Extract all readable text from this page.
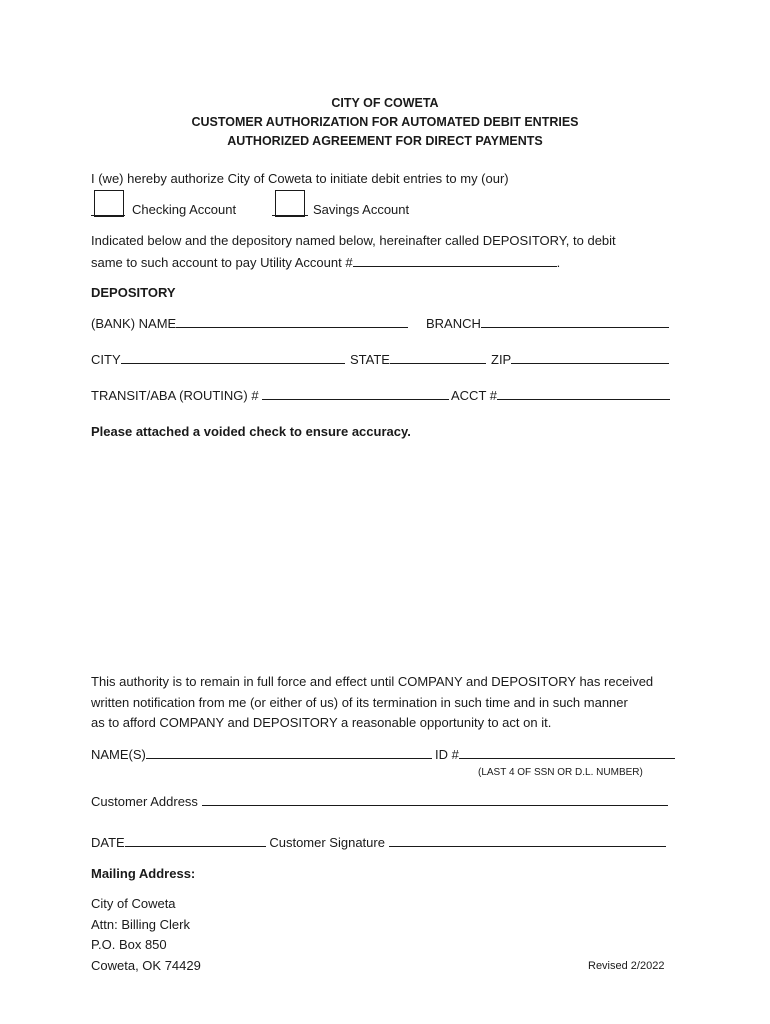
CITY OF COWETA
CUSTOMER AUTHORIZATION FOR AUTOMATED DEBIT ENTRIES
AUTHORIZED AGREEMENT FOR DIRECT PAYMENTS
I (we) hereby authorize City of Coweta to initiate debit entries to my (our)
Checking Account	Savings Account
Indicated below and the depository named below, hereinafter called DEPOSITORY, to debit
same to such account to pay Utility Account #	.
DEPOSITORY
(BANK) NAME	BRANCH
CITY	STATE	ZIP
TRANSIT/ABA (ROUTING) #	ACCT #
Please attached a voided check to ensure accuracy.
This authority is to remain in full force and effect until COMPANY and DEPOSITORY has received
written notification from me (or either of us) of its termination in such time and in such manner
as to afford COMPANY and DEPOSITORY a reasonable opportunity to act on it.
NAME(S)	ID #
(LAST 4 OF SSN OR D.L. NUMBER)
Customer Address
DATE	Customer Signature
Mailing Address:
City of Coweta
Attn: Billing Clerk
P.O. Box 850
Coweta, OK 74429	Revised 2/2022
